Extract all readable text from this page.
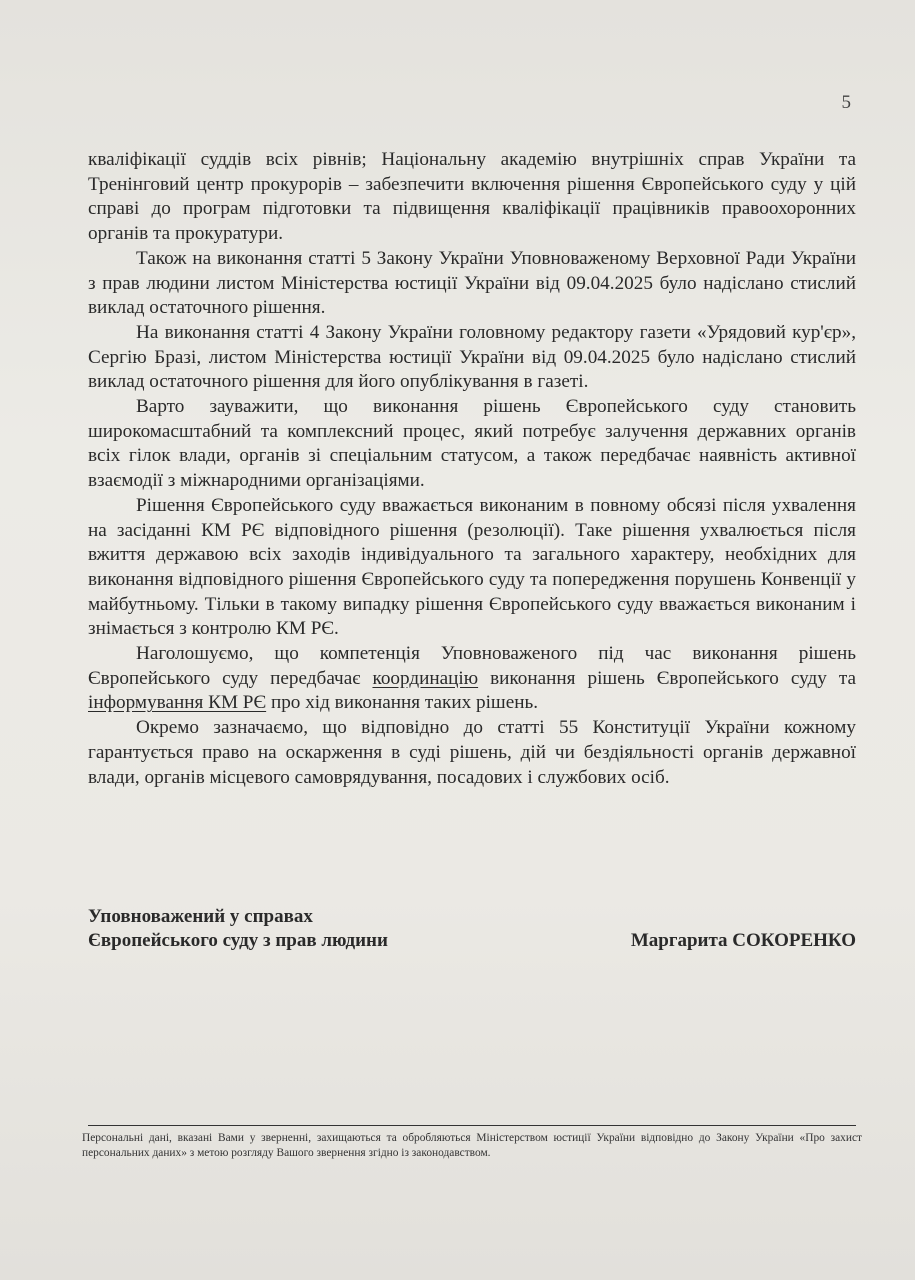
5

кваліфікації суддів всіх рівнів; Національну академію внутрішніх справ України та Тренінговий центр прокурорів – забезпечити включення рішення Європейського суду у цій справі до програм підготовки та підвищення кваліфікації працівників правоохоронних органів та прокуратури.

Також на виконання статті 5 Закону України Уповноваженому Верховної Ради України з прав людини листом Міністерства юстиції України від 09.04.2025 було надіслано стислий виклад остаточного рішення.

На виконання статті 4 Закону України головному редактору газети «Урядовий кур'єр», Сергію Бразі, листом Міністерства юстиції України від 09.04.2025 було надіслано стислий виклад остаточного рішення для його опублікування в газеті.

Варто зауважити, що виконання рішень Європейського суду становить широкомасштабний та комплексний процес, який потребує залучення державних органів всіх гілок влади, органів зі спеціальним статусом, а також передбачає наявність активної взаємодії з міжнародними організаціями.

Рішення Європейського суду вважається виконаним в повному обсязі після ухвалення на засіданні КМ РЄ відповідного рішення (резолюції). Таке рішення ухвалюється після вжиття державою всіх заходів індивідуального та загального характеру, необхідних для виконання відповідного рішення Європейського суду та попередження порушень Конвенції у майбутньому. Тільки в такому випадку рішення Європейського суду вважається виконаним і знімається з контролю КМ РЄ.

Наголошуємо, що компетенція Уповноваженого під час виконання рішень Європейського суду передбачає координацію виконання рішень Європейського суду та інформування КМ РЄ про хід виконання таких рішень.

Окремо зазначаємо, що відповідно до статті 55 Конституції України кожному гарантується право на оскарження в суді рішень, дій чи бездіяльності органів державної влади, органів місцевого самоврядування, посадових і службових осіб.

Уповноважений у справах
Європейського суду з прав людини	Маргарита СОКОРЕНКО
Персональні дані, вказані Вами у зверненні, захищаються та обробляються Міністерством юстиції України відповідно до Закону України «Про захист персональних даних» з метою розгляду Вашого звернення згідно із законодавством.
